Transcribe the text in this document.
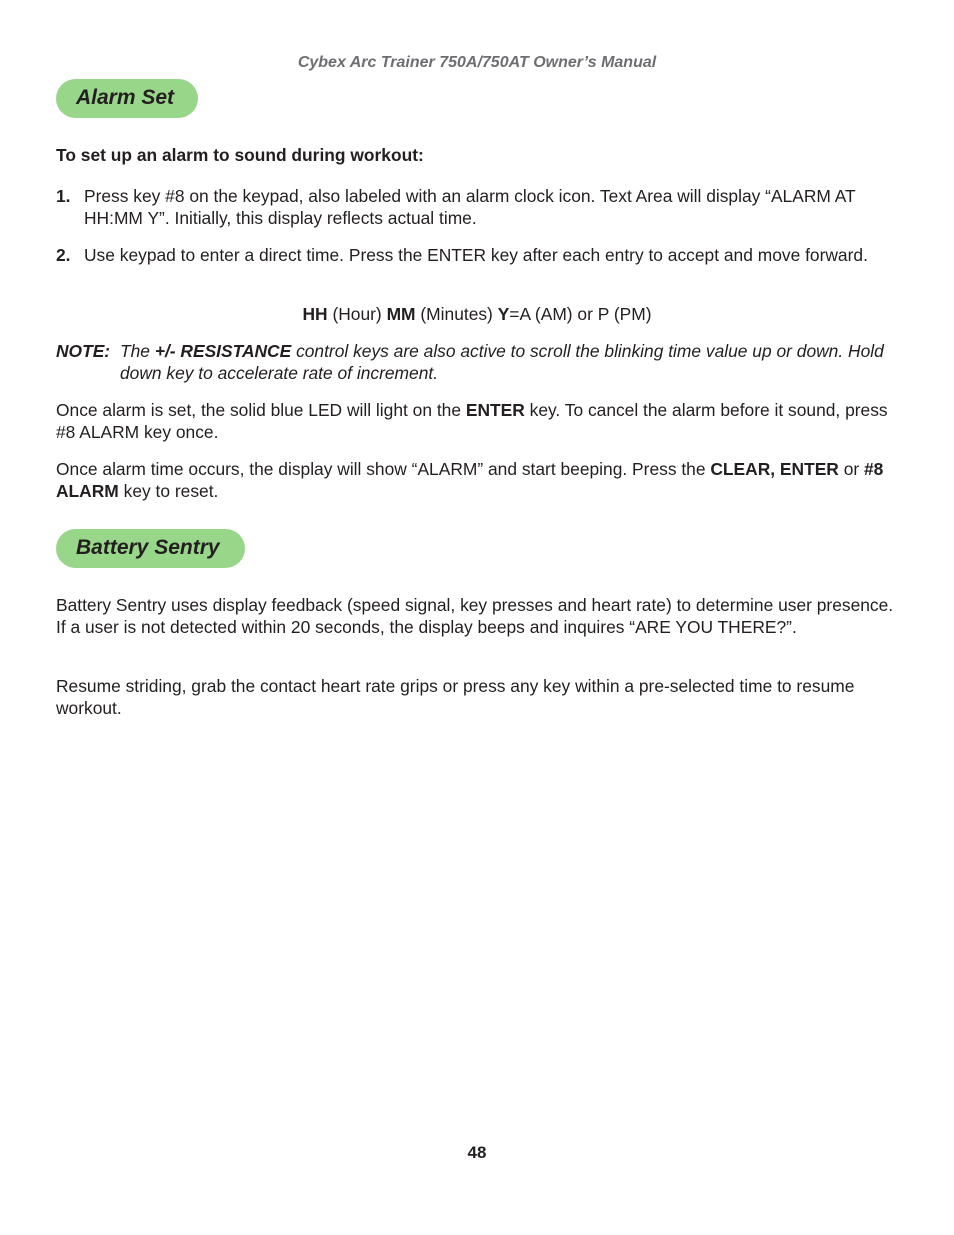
Cybex Arc Trainer 750A/750AT Owner’s Manual
Alarm Set
To set up an alarm to sound during workout:
1. Press key #8 on the keypad, also labeled with an alarm clock icon. Text Area will display “ALARM AT HH:MM Y”. Initially, this display reflects actual time.
2. Use keypad to enter a direct time. Press the ENTER key after each entry to accept and move forward.
HH (Hour) MM (Minutes) Y=A (AM) or P (PM)
NOTE: The +/- RESISTANCE control keys are also active to scroll the blinking time value up or down. Hold down key to accelerate rate of increment.
Once alarm is set, the solid blue LED will light on the ENTER key. To cancel the alarm before it sound, press #8 ALARM key once.
Once alarm time occurs, the display will show “ALARM” and start beeping. Press the CLEAR, ENTER or #8 ALARM key to reset.
Battery Sentry
Battery Sentry uses display feedback (speed signal, key presses and heart rate) to determine user presence. If a user is not detected within 20 seconds, the display beeps and inquires “ARE YOU THERE?”.
Resume striding, grab the contact heart rate grips or press any key within a pre-selected time to resume workout.
48
